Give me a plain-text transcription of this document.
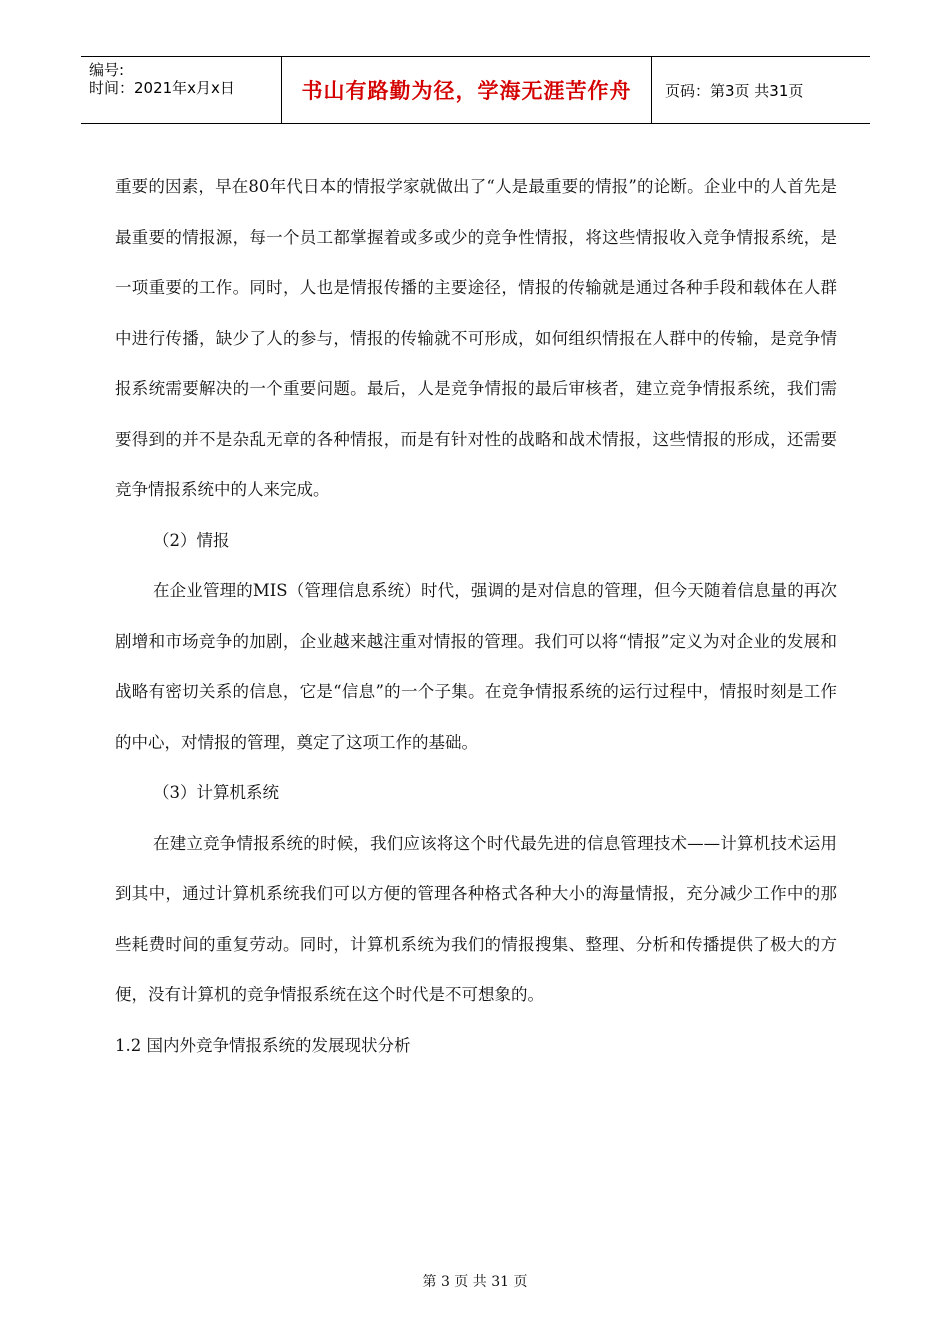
编号:
时间：2021年x月x日	书山有路勤为径，学海无涯苦作舟	页码：第3页 共31页

重要的因素，早在80年代日本的情报学家就做出了“人是最重要的情报”的论断。企业中的人首先是最重要的情报源，每一个员工都掌握着或多或少的竞争性情报，将这些情报收入竞争情报系统，是一项重要的工作。同时，人也是情报传播的主要途径，情报的传输就是通过各种手段和载体在人群中进行传播，缺少了人的参与，情报的传输就不可形成，如何组织情报在人群中的传输，是竞争情报系统需要解决的一个重要问题。最后，人是竞争情报的最后审核者，建立竞争情报系统，我们需要得到的并不是杂乱无章的各种情报，而是有针对性的战略和战术情报，这些情报的形成，还需要竞争情报系统中的人来完成。

（2）情报

在企业管理的MIS（管理信息系统）时代，强调的是对信息的管理，但今天随着信息量的再次剧增和市场竞争的加剧，企业越来越注重对情报的管理。我们可以将“情报”定义为对企业的发展和战略有密切关系的信息，它是“信息”的一个子集。在竞争情报系统的运行过程中，情报时刻是工作的中心，对情报的管理，奠定了这项工作的基础。

（3）计算机系统

在建立竞争情报系统的时候，我们应该将这个时代最先进的信息管理技术——计算机技术运用到其中，通过计算机系统我们可以方便的管理各种格式各种大小的海量情报，充分减少工作中的那些耗费时间的重复劳动。同时，计算机系统为我们的情报搜集、整理、分析和传播提供了极大的方便，没有计算机的竞争情报系统在这个时代是不可想象的。

1.2 国内外竞争情报系统的发展现状分析

第 3 页 共 31 页
